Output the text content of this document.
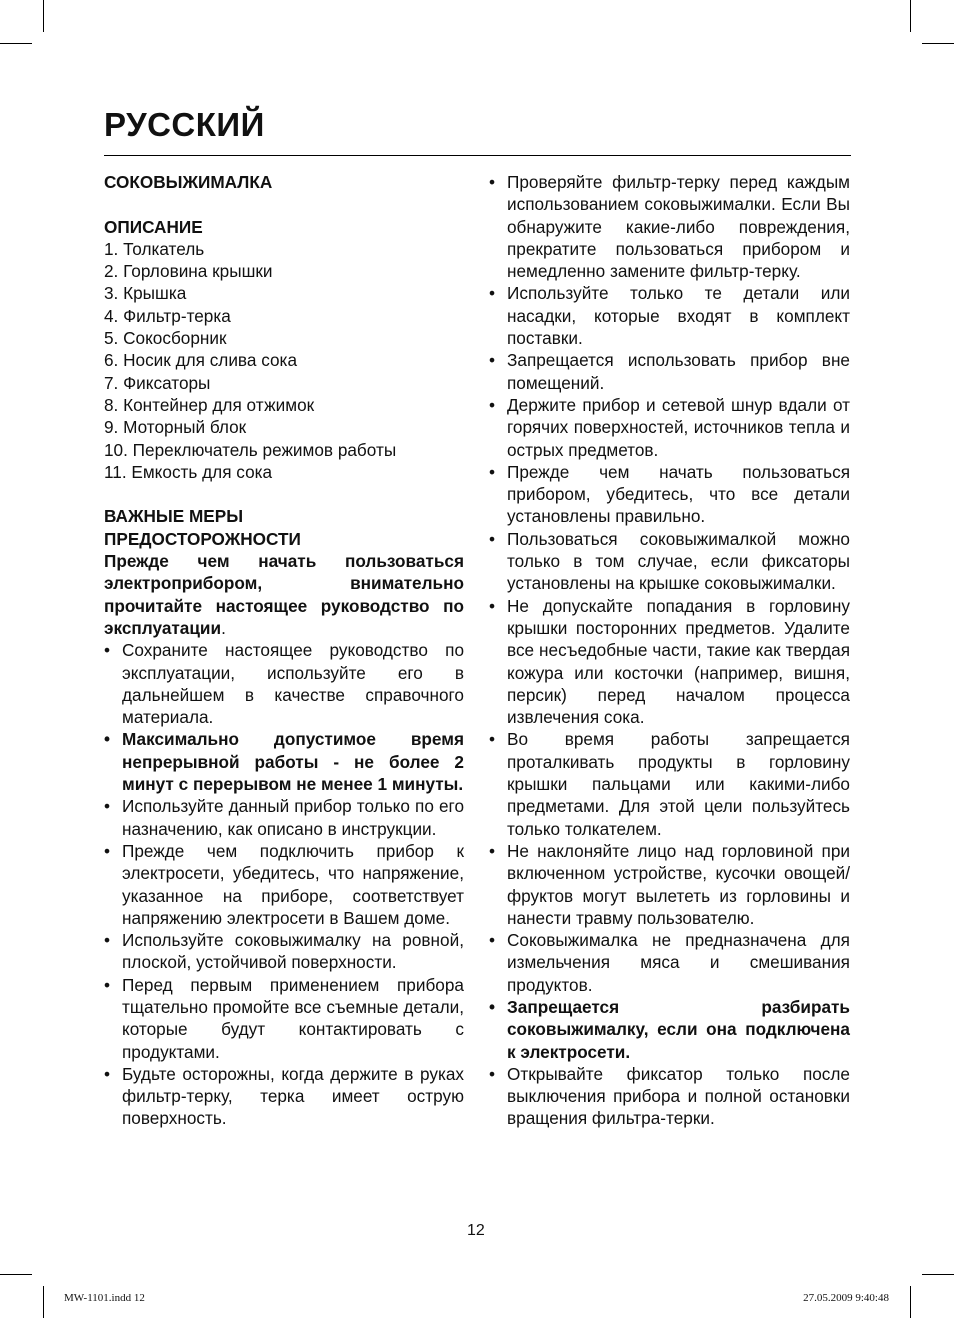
РУССКИЙ

СОКОВЫЖИМАЛКА

ОПИСАНИЕ

1. Толкатель
2. Горловина крышки
3. Крышка
4. Фильтр-терка
5. Сокосборник
6. Носик для слива сока
7. Фиксаторы
8. Контейнер для отжимок
9. Моторный блок
10. Переключатель режимов работы
11. Емкость для сока

ВАЖНЫЕ МЕРЫ
ПРЕДОСТОРОЖНОСТИ

Прежде чем начать пользоваться электроприбором, внимательно прочитайте настоящее руководство по эксплуатации.

• Сохраните настоящее руководство по эксплуатации, используйте его в дальнейшем в качестве справочного материала.
• Максимально допустимое время непрерывной работы - не более 2 минут с перерывом не менее 1 минуты.
• Используйте данный прибор только по его назначению, как описано в инструкции.
• Прежде чем подключить прибор к электросети, убедитесь, что напряжение, указанное на приборе, соответствует напряжению электросети в Вашем доме.
• Используйте соковыжималку на ровной, плоской, устойчивой поверхности.
• Перед первым применением прибора тщательно промойте все съемные детали, которые будут контактировать с продуктами.
• Будьте осторожны, когда держите в руках фильтр-терку, терка имеет острую поверхность.
• Проверяйте фильтр-терку перед каждым использованием соковыжималки. Если Вы обнаружите какие-либо повреждения, прекратите пользоваться прибором и немедленно замените фильтр-терку.
• Используйте только те детали или насадки, которые входят в комплект поставки.
• Запрещается использовать прибор вне помещений.
• Держите прибор и сетевой шнур вдали от горячих поверхностей, источников тепла и острых предметов.
• Прежде чем начать пользоваться прибором, убедитесь, что все детали установлены правильно.
• Пользоваться соковыжималкой можно только в том случае, если фиксаторы установлены на крышке соковыжималки.
• Не допускайте попадания в горловину крышки посторонних предметов. Удалите все несъедобные части, такие как твердая кожура или косточки (например, вишня, персик) перед началом процесса извлечения сока.
• Во время работы запрещается проталкивать продукты в горловину крышки пальцами или какими-либо предметами. Для этой цели пользуйтесь только толкателем.
• Не наклоняйте лицо над горловиной при включенном устройстве, кусочки овощей/фруктов могут вылететь из горловины и нанести травму пользователю.
• Соковыжималка не предназначена для измельчения мяса и смешивания продуктов.
• Запрещается разбирать соковыжималку, если она подключена к электросети.
• Открывайте фиксатор только после выключения прибора и полной остановки вращения фильтра-терки.
12
MW-1101.indd 12	27.05.2009 9:40:48
